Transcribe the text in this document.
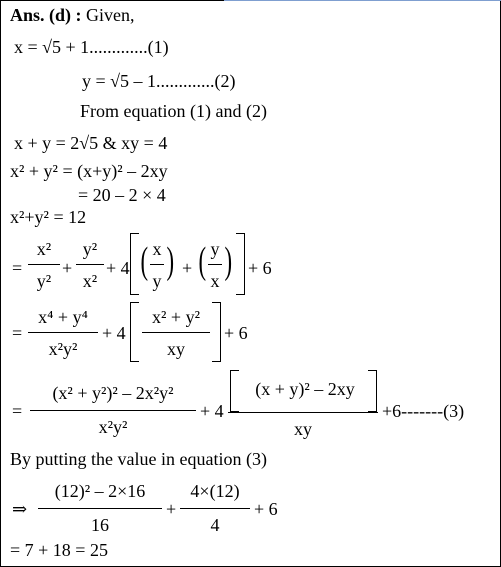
Ans. (d) : Given,
x = √5 + 1.............(1)
y = √5 – 1.............(2)
From equation (1) and (2)
x + y = 2√5 & xy = 4
x² + y² = (x+y)² – 2xy
= 20 – 2 × 4
x²+y² = 12
=
x²
y²
+
y²
x²
+ 4 ( x
y ) + ( y
x ) + 6
=
x⁴ + y⁴
x²y²
+ 4
x² + y²
xy
+ 6
=
(x² + y²)² – 2x²y²
x²y²
+ 4
(x + y)² – 2xy
xy
+6-------(3)
By putting the value in equation (3)
⇒
(12)² – 2×16
16
+
4×(12)
4
+ 6
= 7 + 18 = 25
